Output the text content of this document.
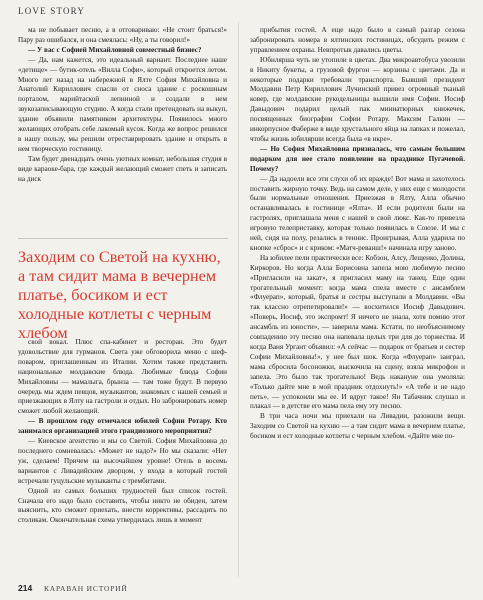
LOVE STORY

ма не побывает песню, а в отговариваю: «Не стоит браться!» Пару раз ошибался, и она смеялась: «Ну, а ты говорил!»

— У вас с Софией Михайловной совместный бизнес?

— Да, нам кажется, это идеальный вариант. Последнее наше «детище» — бутик-отель «Вилла Софи», который откроется летом. Много лет назад на набережной в Ялте София Михайловна и Анатолий Кириллович спасли от сноса здание с роскошным порталом, марийтаской лепниной и создали в нем звукозаписывающую студию. А когда стали претендовать на выкуп, здание объявили памятником архитектуры. Появилось много желающих отобрать себе лакомый кусок. Когда же вопрос решился в нашу пользу, мы решили отреставрировать здание и открыть в нем творческую гостиницу.

Там будет двенадцать очень уютных комнат, небольшая студия в виде караоке-бара, где каждый желающий сможет спеть и записать на диск

Заходим со Светой на кухню, а там сидит мама в вечернем платье, босиком и ест холодные котлеты с черным хлебом

свой вокал. Плюс спа-кабинет и ресторан. Это будет удовольствие для гурманов. Света уже обговорила меню с шеф-поваром, приглашенным из Италии. Хотим также представить национальные молдавские блюда. Любимые блюда Софии Михайловны — мамалыга, брынза — там тоже будут. В первую очередь мы ждем певцов, музыкантов, знакомых с нашей семьей и приезжающих в Ялту на гастроли и отдых. Но забронировать номер сможет любой желающий.

— В прошлом году отмечался юбилей Софии Ротару. Кто занимался организацией этого грандиозного мероприятия?

— Киевское агентство и мы со Светой. София Михайловна до последнего сомневалась: «Может не надо?» Но мы сказали: «Нет уж, сделаем! Причем на высочайшем уровне! Отель в восемь вариантов с Ливадийским дворцом, у входа в который гостей встречали гуцульские музыканты с трембитами.

Одной из самых больших трудностей был список гостей. Сначала его надо было составить, чтобы никто не обиден, затем выяснить, кто сможет приехать, внести коррективы, рассадить по столикам. Окончательная схема утвердилась лишь в момент

прибытия гостей. А еще надо было в самый разгар сезона забронировать номера в ялтинских гостиницах, обсудить режим с управлением охраны. Невпротык давались цветы.

Юбилярша чуть не утопили в цветах. Два микроавтобуса увозили в Никиту букеты, а грузовой фургон — корзины с цветами. Да и некоторые подарки требовали транспорта. Бывший президент Молдавии Петр Кириллович Лучинский привез огромный тканый ковер, где молдавские рукодельницы вышили имя Софии. Иосиф Давыдович подарил целый пак миниатюрных книжечек, посвященных биографии Софии Ротару. Максим Галкин — инкорпусное Фаберже в виде хрустального яйца на лапках и пожелал, чтобы жизнь юбилярши всегда была «в икре».

— Но София Михайловна призналась, что самым большим подарком для нее стало появление на празднике Пугачевой. Почему?

— Да надоели все эти слухи об их вражде! Вот мама и захотелось поставить жирную точку. Ведь на самом деле, у них еще с молодости были нормальные отношения. Приезжая в Ялту, Алла обычно останавливалась в гостинице «Ялта». И если родители были на гастролях, приглашала меня с нашей в свой люкс. Как-то привезла игровую телеприставку, которая только появилась в Союзе. И мы с ней, сидя на полу, резались в теннис. Проигрывая, Алла ударила по кнопке «сброс» и с криком: «Матч-реванш!» начинала игру заново.

На юбилее пели практически все: Кобзон, Алсу, Лещенко, Долина, Киркоров. Но когда Алла Борисовна запела мою любимую песню «Пригласили на закат», я пригласил маму на танец. Еще один трогательный момент: когда мама спела вместе с ансамблем «Флуерап», который, братья и сестры выступали в Молдавии. «Вы так классно отрепетировали!» — восхитился Иосиф Давыдович. «Поверь, Иосиф, это экспромт! Я ничего не знала, хотя помню этот ансамбль из юности», — заверила мама. Кстати, по необъяснимому совпадению эту песню она напевала целых три для до торжества. И когда Ваня Ургант объявил: «А сейчас — подарок от братьев и сестер Софии Михайловны!», у нее был шок. Когда «Флуерап» заиграл, мама сбросила босоножки, выскочила на сцену, взяла микрофон и запела. Это было так трогательно! Ведь накануне она умоляла: «Только дайте мне в мой праздник отдохнуть!» «А тебе и не надо петь», — успокоили мы ее. И вдруг такое! Ян Табачник слушал и плакал — в детстве его мама пела ему эту песню.

В три часа ночи мы приехали на Ливадии, разожили вещи. Заходим со Светой на кухню — а там сидит мама в вечернем платье, босиком и ест холодные котлеты с черным хлебом. «Дайте мне по-

214 КАРАВАН ИСТОРИЙ
